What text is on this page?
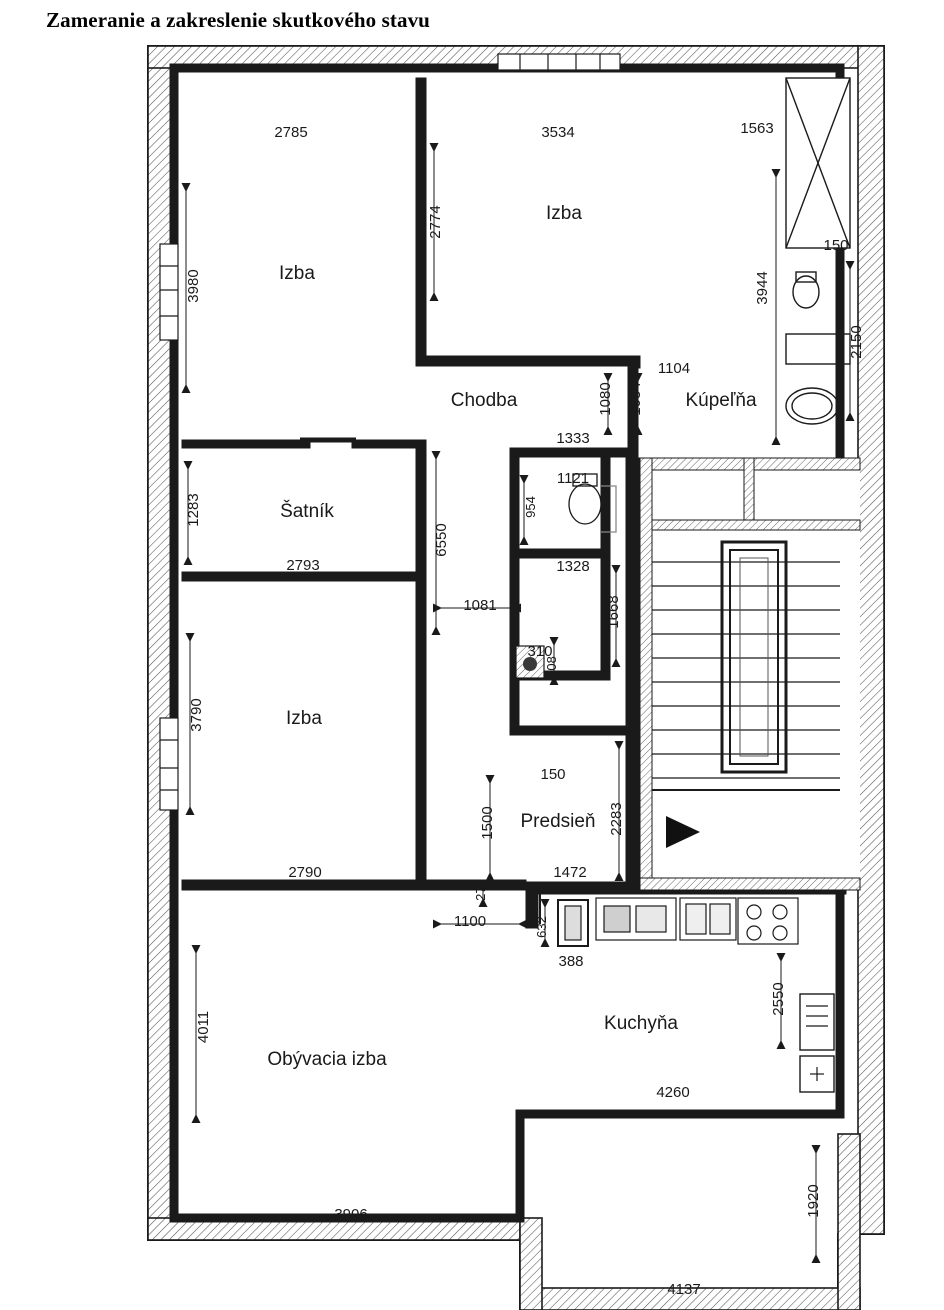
Zameranie a zakreslenie skutkového stavu
Izba
Izba
Chodba	Kúpeľňa
Šatník
Izba
Predsieň
Kuchyňa
Obývacia izba
2785	3534	1563
2774
3980
150
3944
2150
1104
1080 1084
1333
1121
954
1283
6550
1328
2793
1081	1668
310
408
3790
150
2283
1500
2790	1472
270
1100	632
388
2550
4011
4260
1920
3906
4137
